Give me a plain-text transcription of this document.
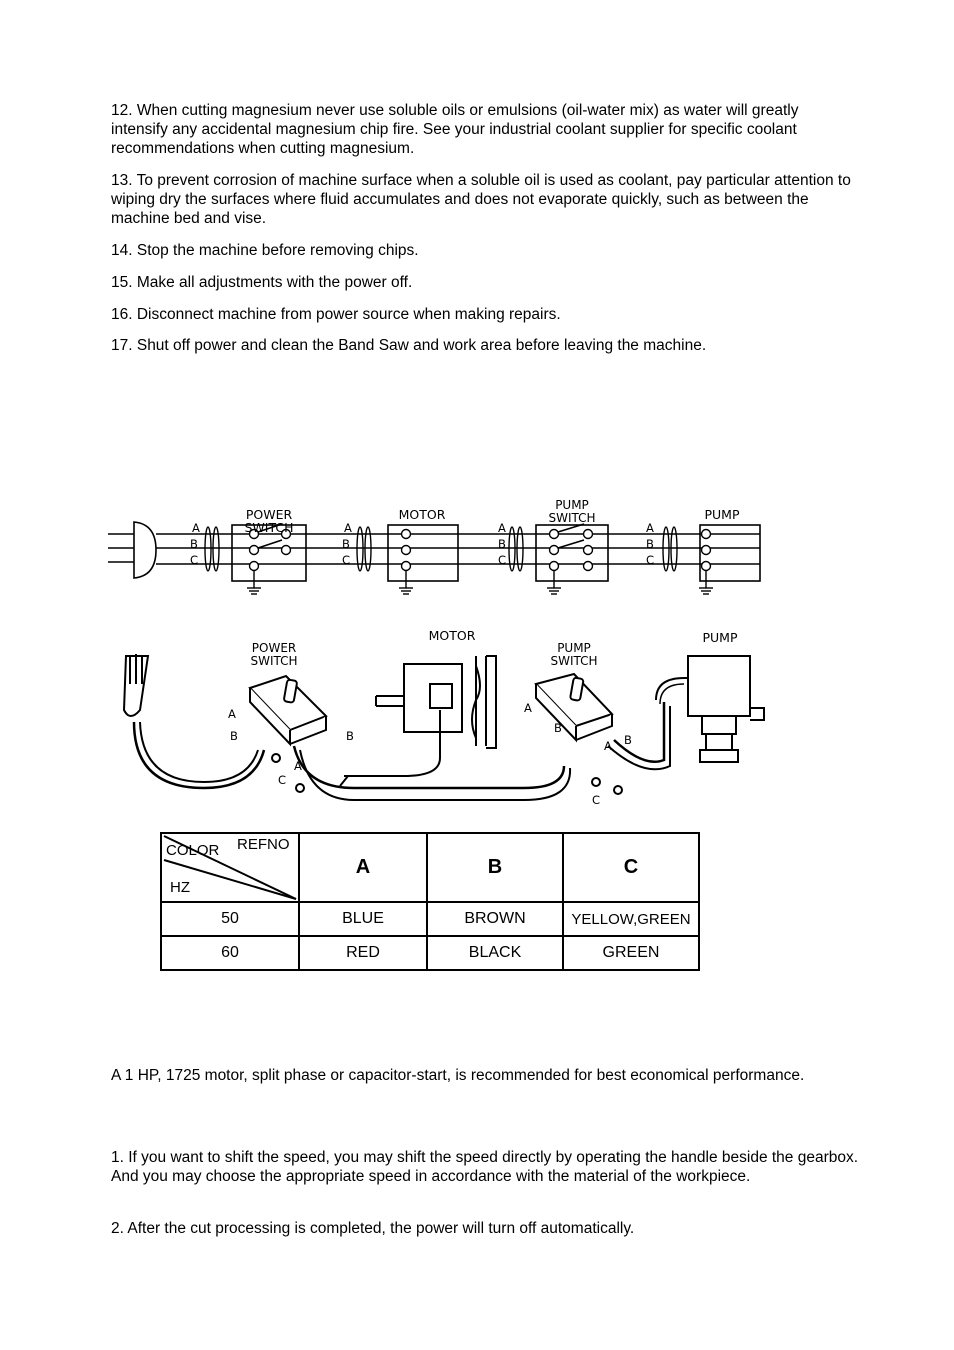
12. When cutting magnesium never use soluble oils or emulsions (oil-water mix) as water will greatly intensify any accidental magnesium chip fire. See your industrial coolant supplier for specific coolant recommendations when cutting magnesium.

13. To prevent corrosion of machine surface when a soluble oil is used as coolant, pay particular attention to wiping dry the surfaces where fluid accumulates and does not evaporate quickly, such as between the machine bed and vise.

14. Stop the machine before removing chips.

15. Make all adjustments with the power off.

16. Disconnect machine from power source when making repairs.

17. Shut off power and clean the Band Saw and work area before leaving the machine.

POWER SWITCH
MOTOR
PUMP SWITCH	PUMP
A
B
C
A
B
C
A
B
C
A
B
C
POWER SWITCH
MOTOR
PUMP SWITCH
PUMP
A
B	B
A
C
A
B
B
A
C
REFNO
COLOR
HZ	A	B	C
50	BLUE	BROWN	YELLOW,GREEN
60	RED	BLACK	GREEN

A 1 HP, 1725 motor, split phase or capacitor-start, is recommended for best economical performance.

1. If you want to shift the speed, you may shift the speed directly by operating the handle beside the gearbox. And you may choose the appropriate speed in accordance with the material of the workpiece.

2. After the cut processing is completed, the power will turn off automatically.
